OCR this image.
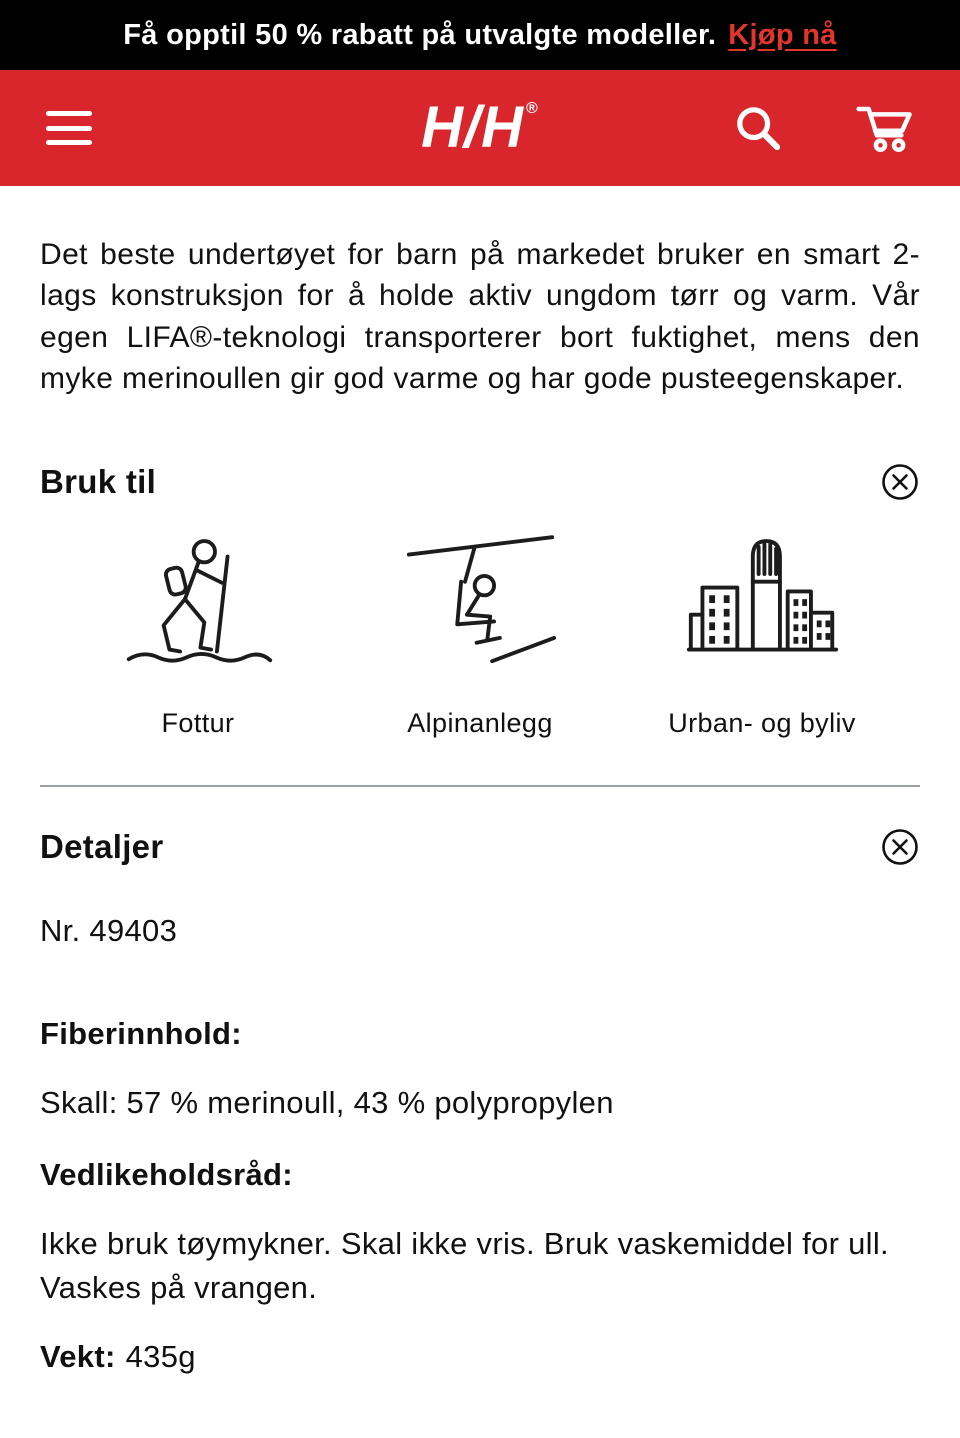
Få opptil 50 % rabatt på utvalgte modeller. Kjøp nå
H/H®

Det beste undertøyet for barn på markedet bruker en smart 2-lags konstruksjon for å holde aktiv ungdom tørr og varm. Vår egen LIFA®-teknologi transporterer bort fuktighet, mens den myke merinoullen gir god varme og har gode pusteegenskaper.

Bruk til
Fottur	Alpinanlegg	Urban- og byliv
Detaljer

Nr. 49403

Fiberinnhold:

Skall: 57 % merinoull, 43 % polypropylen

Vedlikeholdsråd:

Ikke bruk tøymykner. Skal ikke vris. Bruk vaskemiddel for ull. Vaskes på vrangen.

Vekt: 435g
